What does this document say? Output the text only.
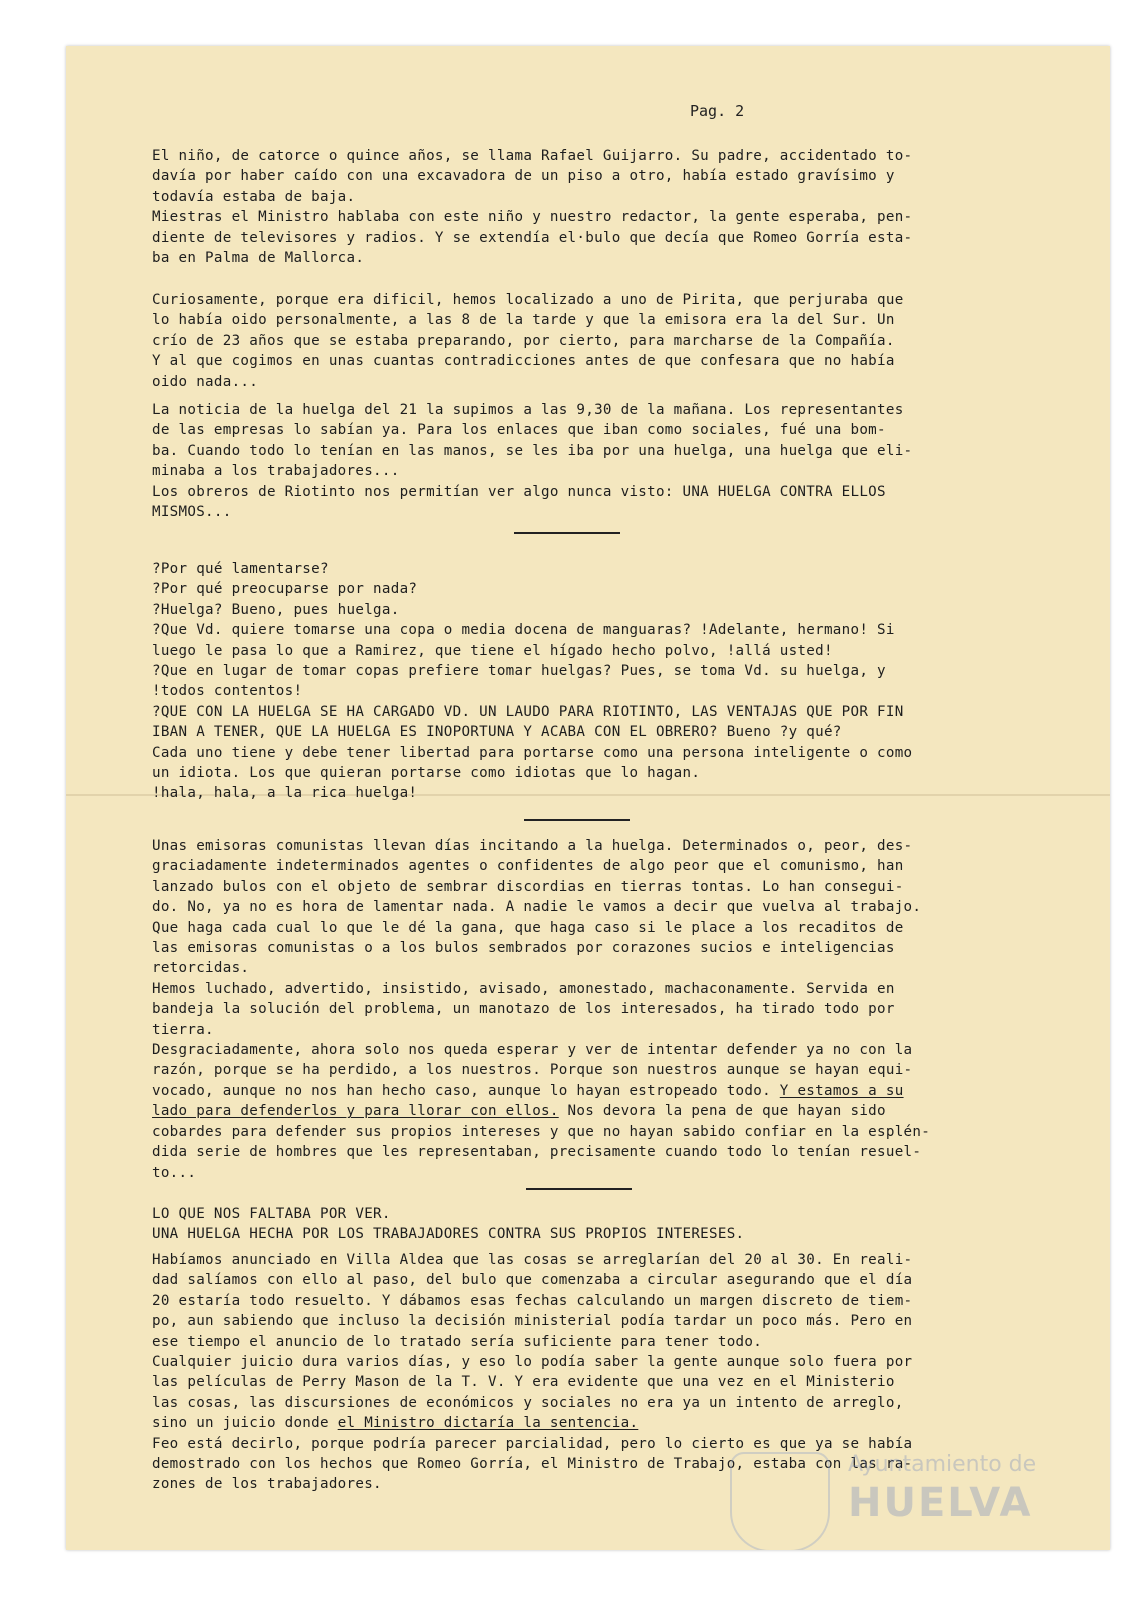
Pag. 2
El niño, de catorce o quince años, se llama Rafael Guijarro. Su padre, accidentado to-
davía por haber caído con una excavadora de un piso a otro, había estado gravísimo y
todavía estaba de baja.
Miestras el Ministro hablaba con este niño y nuestro redactor, la gente esperaba, pen-
diente de televisores y radios. Y se extendía el·bulo que decía que Romeo Gorría esta-
ba en Palma de Mallorca.
Curiosamente, porque era dificil, hemos localizado a uno de Pirita, que perjuraba que
lo había oido personalmente, a las 8 de la tarde y que la emisora era la del Sur. Un
crío de 23 años que se estaba preparando, por cierto, para marcharse de la Compañía.
Y al que cogimos en unas cuantas contradicciones antes de que confesara que no había
oido nada...
La noticia de la huelga del 21 la supimos a las 9,30 de la mañana. Los representantes
de las empresas lo sabían ya. Para los enlaces que iban como sociales, fué una bom-
ba. Cuando todo lo tenían en las manos, se les iba por una huelga, una huelga que eli-
minaba a los trabajadores...
Los obreros de Riotinto nos permitían ver algo nunca visto: UNA HUELGA CONTRA ELLOS
MISMOS...
?Por qué lamentarse?
?Por qué preocuparse por nada?
?Huelga? Bueno, pues huelga.
?Que Vd. quiere tomarse una copa o media docena de manguaras? !Adelante, hermano! Si
luego le pasa lo que a Ramirez, que tiene el hígado hecho polvo, !allá usted!
?Que en lugar de tomar copas prefiere tomar huelgas? Pues, se toma Vd. su huelga, y
!todos contentos!
?QUE CON LA HUELGA SE HA CARGADO VD. UN LAUDO PARA RIOTINTO, LAS VENTAJAS QUE POR FIN
IBAN A TENER, QUE LA HUELGA ES INOPORTUNA Y ACABA CON EL OBRERO? Bueno ?y qué?
Cada uno tiene y debe tener libertad para portarse como una persona inteligente o como
un idiota. Los que quieran portarse como idiotas que lo hagan.
!hala, hala, a la rica huelga!
Unas emisoras comunistas llevan días incitando a la huelga. Determinados o, peor, des-
graciadamente indeterminados agentes o confidentes de algo peor que el comunismo, han
lanzado bulos con el objeto de sembrar discordias en tierras tontas. Lo han consegui-
do. No, ya no es hora de lamentar nada. A nadie le vamos a decir que vuelva al trabajo.
Que haga cada cual lo que le dé la gana, que haga caso si le place a los recaditos de
las emisoras comunistas o a los bulos sembrados por corazones sucios e inteligencias
retorcidas.
Hemos luchado, advertido, insistido, avisado, amonestado, machaconamente. Servida en
bandeja la solución del problema, un manotazo de los interesados, ha tirado todo por
tierra.
Desgraciadamente, ahora solo nos queda esperar y ver de intentar defender ya no con la
razón, porque se ha perdido, a los nuestros. Porque son nuestros aunque se hayan equi-
vocado, aunque no nos han hecho caso, aunque lo hayan estropeado todo. Y estamos a su
lado para defenderlos y para llorar con ellos. Nos devora la pena de que hayan sido
cobardes para defender sus propios intereses y que no hayan sabido confiar en la esplén-
dida serie de hombres que les representaban, precisamente cuando todo lo tenían resuel-
to...
LO QUE NOS FALTABA POR VER.
UNA HUELGA HECHA POR LOS TRABAJADORES CONTRA SUS PROPIOS INTERESES.
Habíamos anunciado en Villa Aldea que las cosas se arreglarían del 20 al 30. En reali-
dad salíamos con ello al paso, del bulo que comenzaba a circular asegurando que el día
20 estaría todo resuelto. Y dábamos esas fechas calculando un margen discreto de tiem-
po, aun sabiendo que incluso la decisión ministerial podía tardar un poco más. Pero en
ese tiempo el anuncio de lo tratado sería suficiente para tener todo.
Cualquier juicio dura varios días, y eso lo podía saber la gente aunque solo fuera por
las películas de Perry Mason de la T. V. Y era evidente que una vez en el Ministerio
las cosas, las discursiones de económicos y sociales no era ya un intento de arreglo,
sino un juicio donde el Ministro dictaría la sentencia.
Feo está decirlo, porque podría parecer parcialidad, pero lo cierto es que ya se había
demostrado con los hechos que Romeo Gorría, el Ministro de Trabajo, estaba con las ra-
zones de los trabajadores.
Ayuntamiento de
HUELVA
